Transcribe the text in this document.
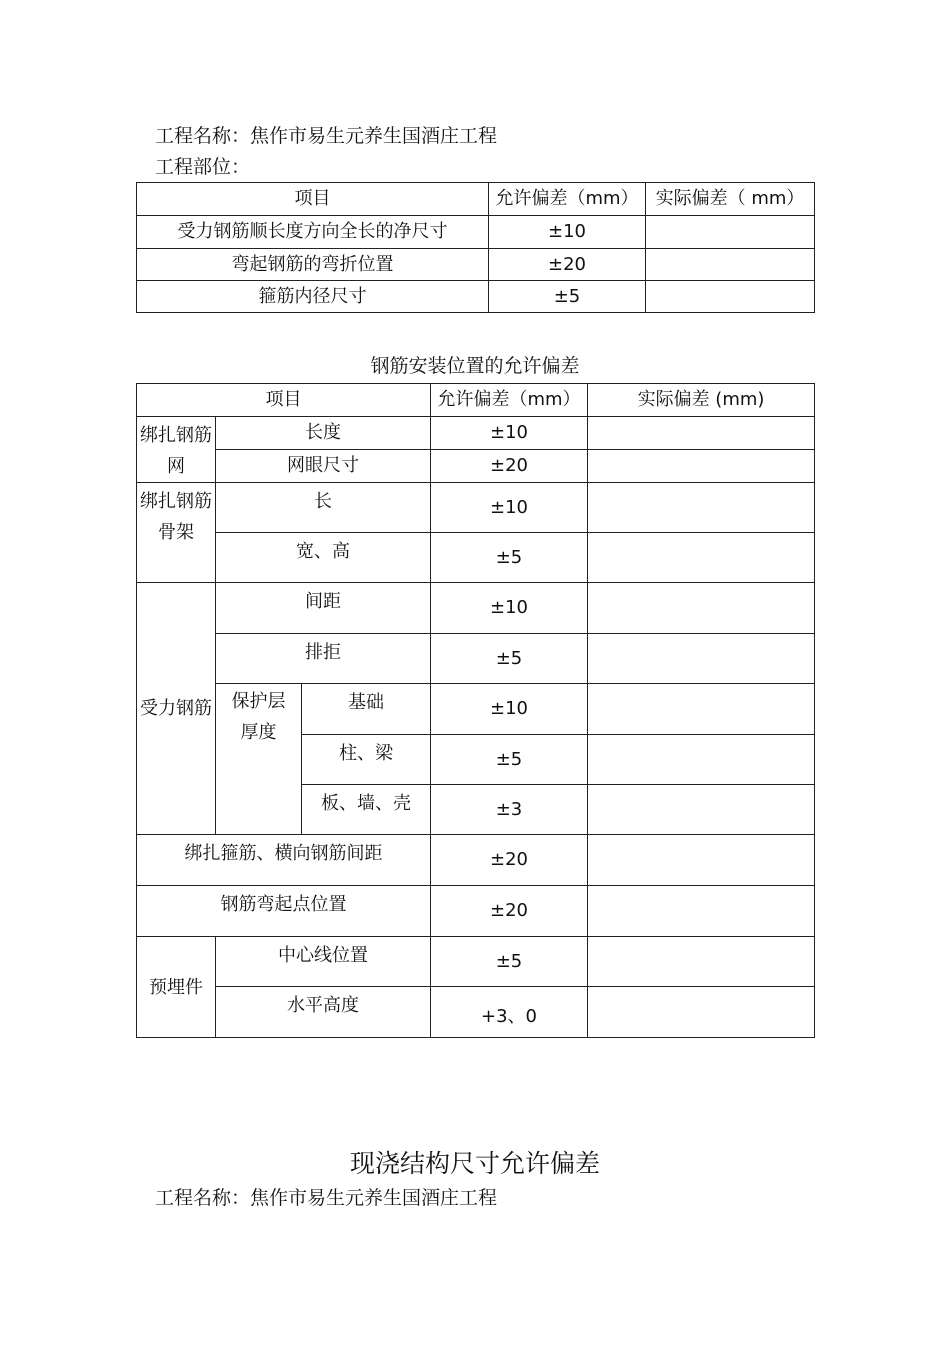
工程名称：焦作市易生元养生国酒庄工程
工程部位：
项目	允许偏差（mm）	实际偏差（ mm）
受力钢筋顺长度方向全长的净尺寸	±10	
弯起钢筋的弯折位置	±20	
箍筋内径尺寸	±5	
钢筋安装位置的允许偏差
项目			允许偏差（mm）	实际偏差 (mm)
绑扎钢筋网	长度		±10	
	网眼尺寸		±20	
绑扎钢筋骨架	长		±10	
	宽、高		±5	
受力钢筋	间距		±10	
	排拒		±5	
	保护层厚度	基础	±10	
		柱、梁	±5	
		板、墙、壳	±3	
绑扎箍筋、横向钢筋间距			±20	
钢筋弯起点位置			±20	
预埋件	中心线位置		±5	
	水平高度		+3、0	
现浇结构尺寸允许偏差
工程名称：焦作市易生元养生国酒庄工程
